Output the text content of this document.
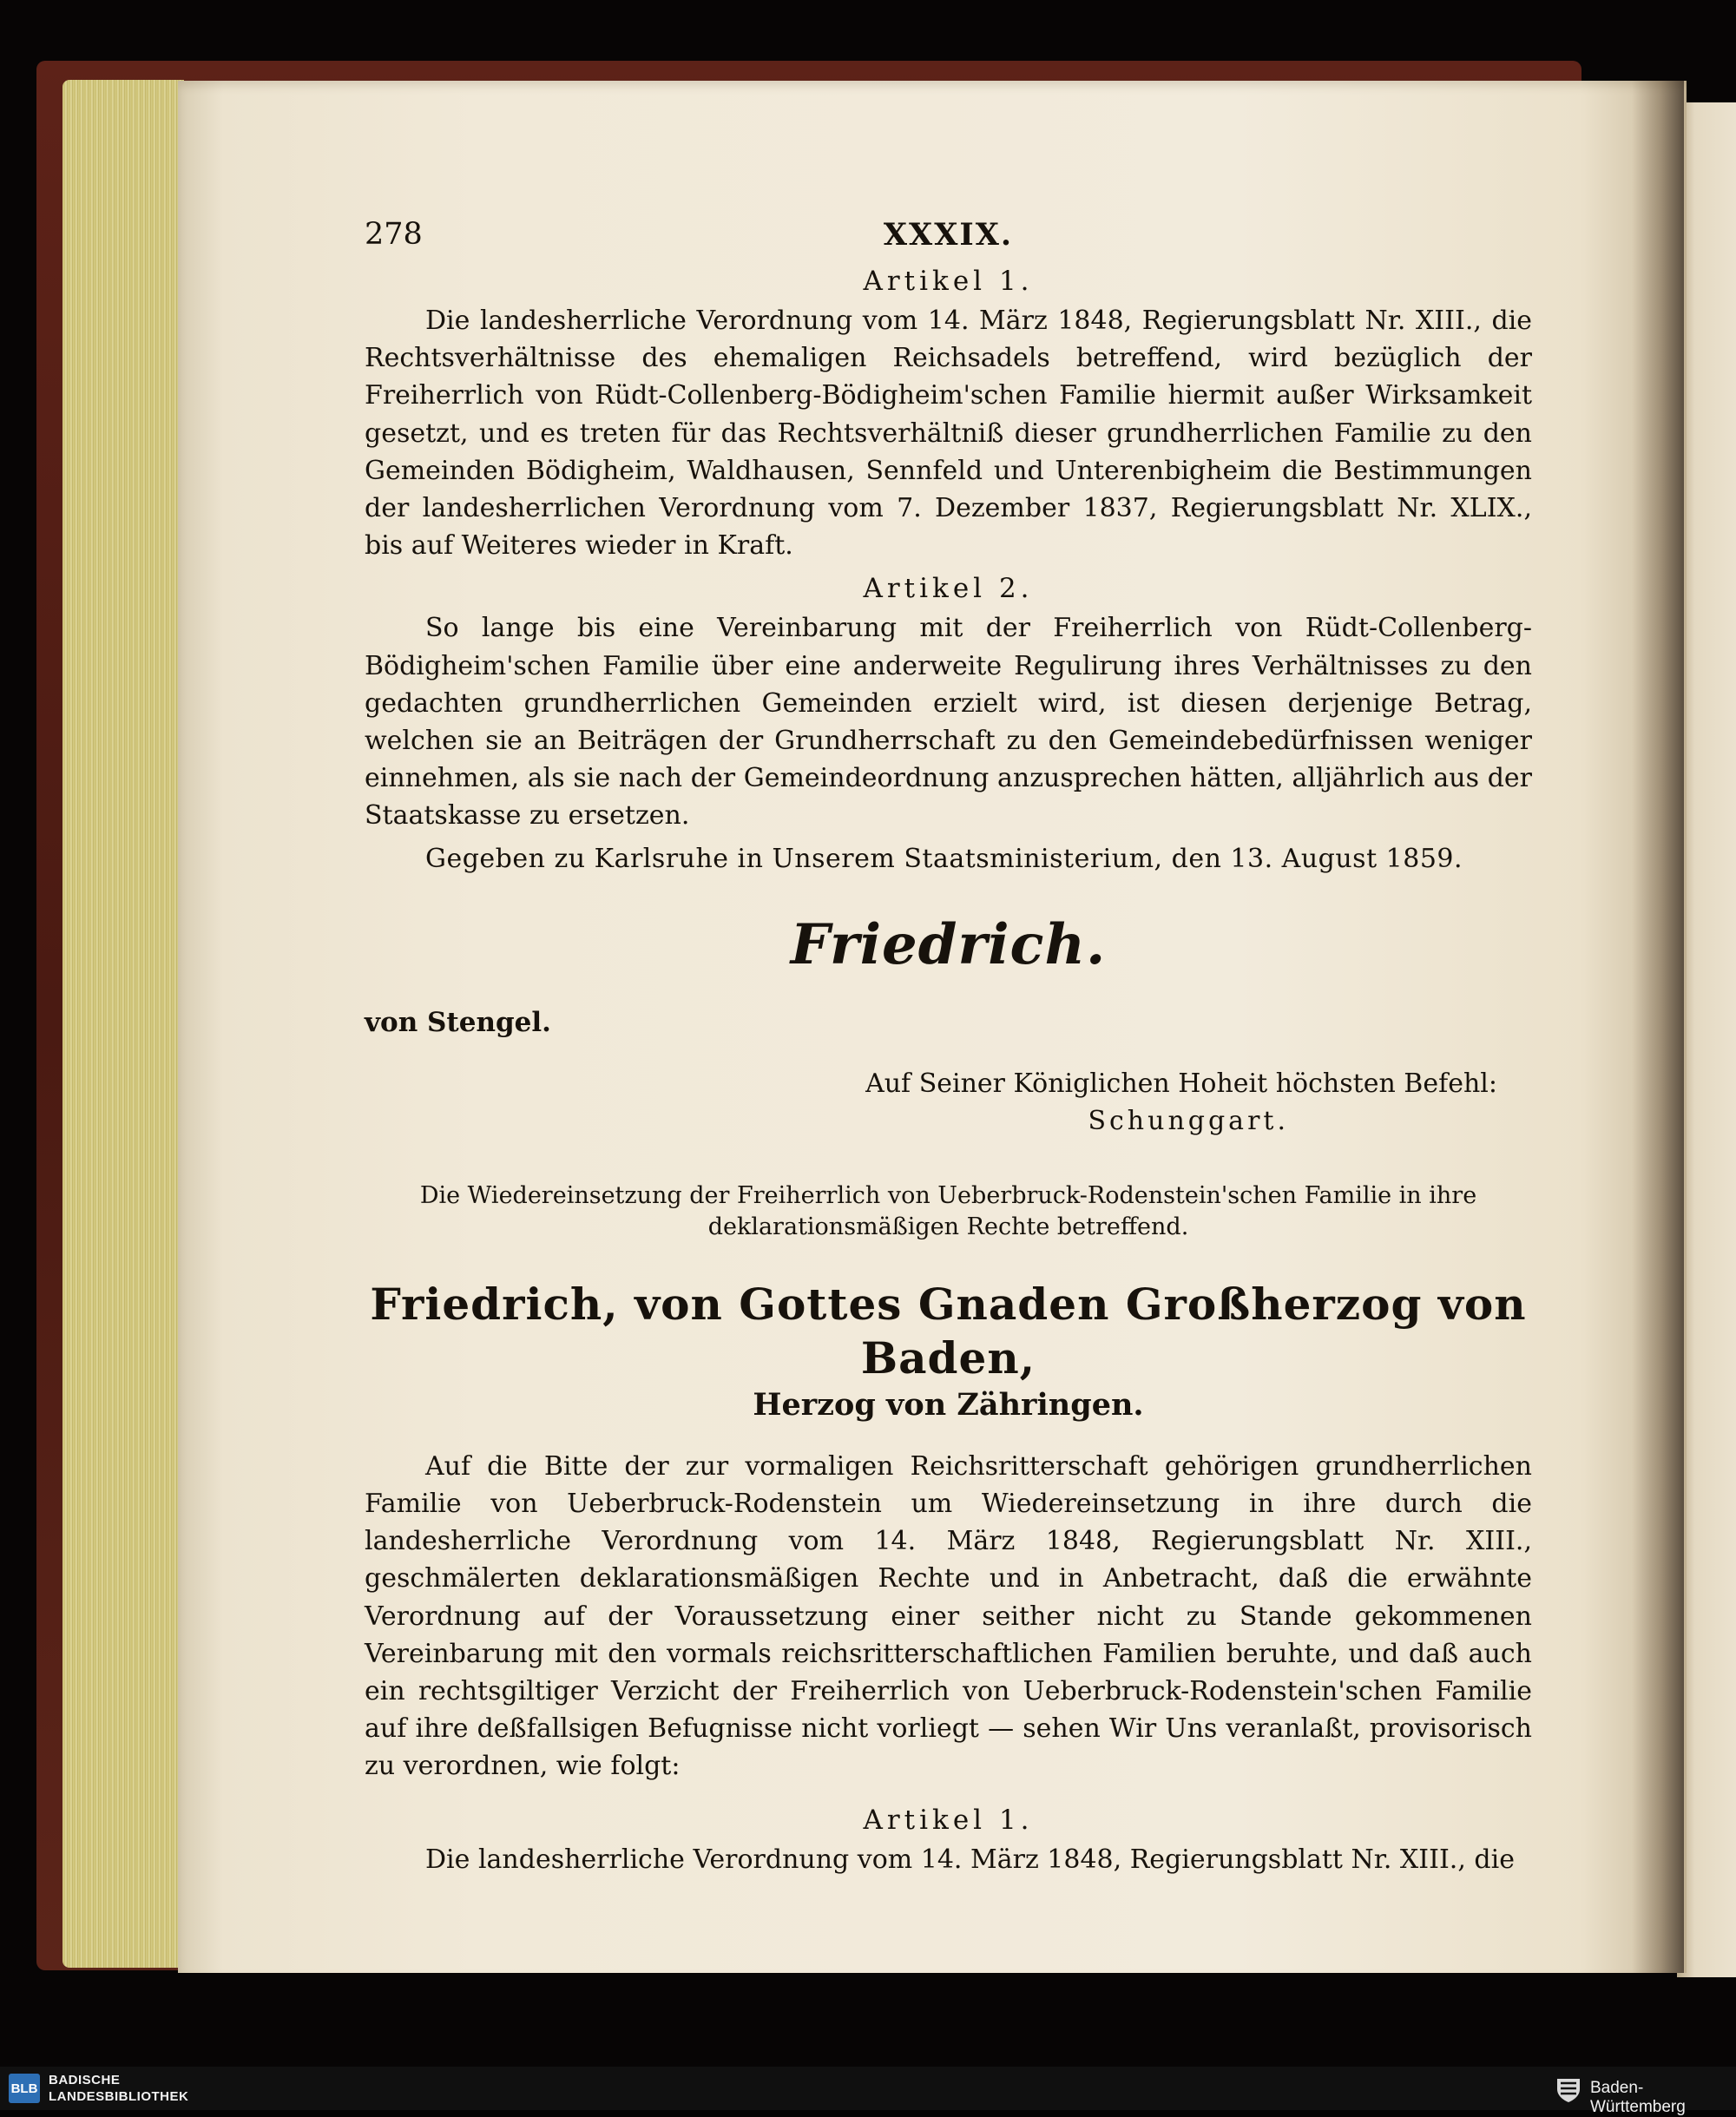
278	XXXIX.
Artikel 1.

Die landesherrliche Verordnung vom 14. März 1848, Regierungsblatt Nr. XIII., die Rechtsverhältnisse des ehemaligen Reichsadels betreffend, wird bezüglich der Freiherrlich von Rüdt-Collenberg-Bödigheim'schen Familie hiermit außer Wirksamkeit gesetzt, und es treten für das Rechtsverhältniß dieser grundherrlichen Familie zu den Gemeinden Bödigheim, Waldhausen, Sennfeld und Unterenbigheim die Bestimmungen der landesherrlichen Verordnung vom 7. Dezember 1837, Regierungsblatt Nr. XLIX., bis auf Weiteres wieder in Kraft.

Artikel 2.

So lange bis eine Vereinbarung mit der Freiherrlich von Rüdt-Collenberg-Bödigheim'schen Familie über eine anderweite Regulirung ihres Verhältnisses zu den gedachten grundherrlichen Gemeinden erzielt wird, ist diesen derjenige Betrag, welchen sie an Beiträgen der Grundherrschaft zu den Gemeindebedürfnissen weniger einnehmen, als sie nach der Gemeindeordnung anzusprechen hätten, alljährlich aus der Staatskasse zu ersetzen.

Gegeben zu Karlsruhe in Unserem Staatsministerium, den 13. August 1859.

Friedrich.
von Stengel.
Auf Seiner Königlichen Hoheit höchsten Befehl:
Schunggart.
Die Wiedereinsetzung der Freiherrlich von Ueberbruck-Rodenstein'schen Familie in ihre deklarationsmäßigen Rechte betreffend.
Friedrich, von Gottes Gnaden Großherzog von Baden,
Herzog von Zähringen.

Auf die Bitte der zur vormaligen Reichsritterschaft gehörigen grundherrlichen Familie von Ueberbruck-Rodenstein um Wiedereinsetzung in ihre durch die landesherrliche Verordnung vom 14. März 1848, Regierungsblatt Nr. XIII., geschmälerten deklarationsmäßigen Rechte und in Anbetracht, daß die erwähnte Verordnung auf der Voraussetzung einer seither nicht zu Stande gekommenen Vereinbarung mit den vormals reichsritterschaftlichen Familien beruhte, und daß auch ein rechtsgiltiger Verzicht der Freiherrlich von Ueberbruck-Rodenstein'schen Familie auf ihre deßfallsigen Befugnisse nicht vorliegt — sehen Wir Uns veranlaßt, provisorisch zu verordnen, wie folgt:

Artikel 1.

Die landesherrliche Verordnung vom 14. März 1848, Regierungsblatt Nr. XIII., die

BLB
BADISCHE
LANDESBIBLIOTHEK	Baden-Württemberg
